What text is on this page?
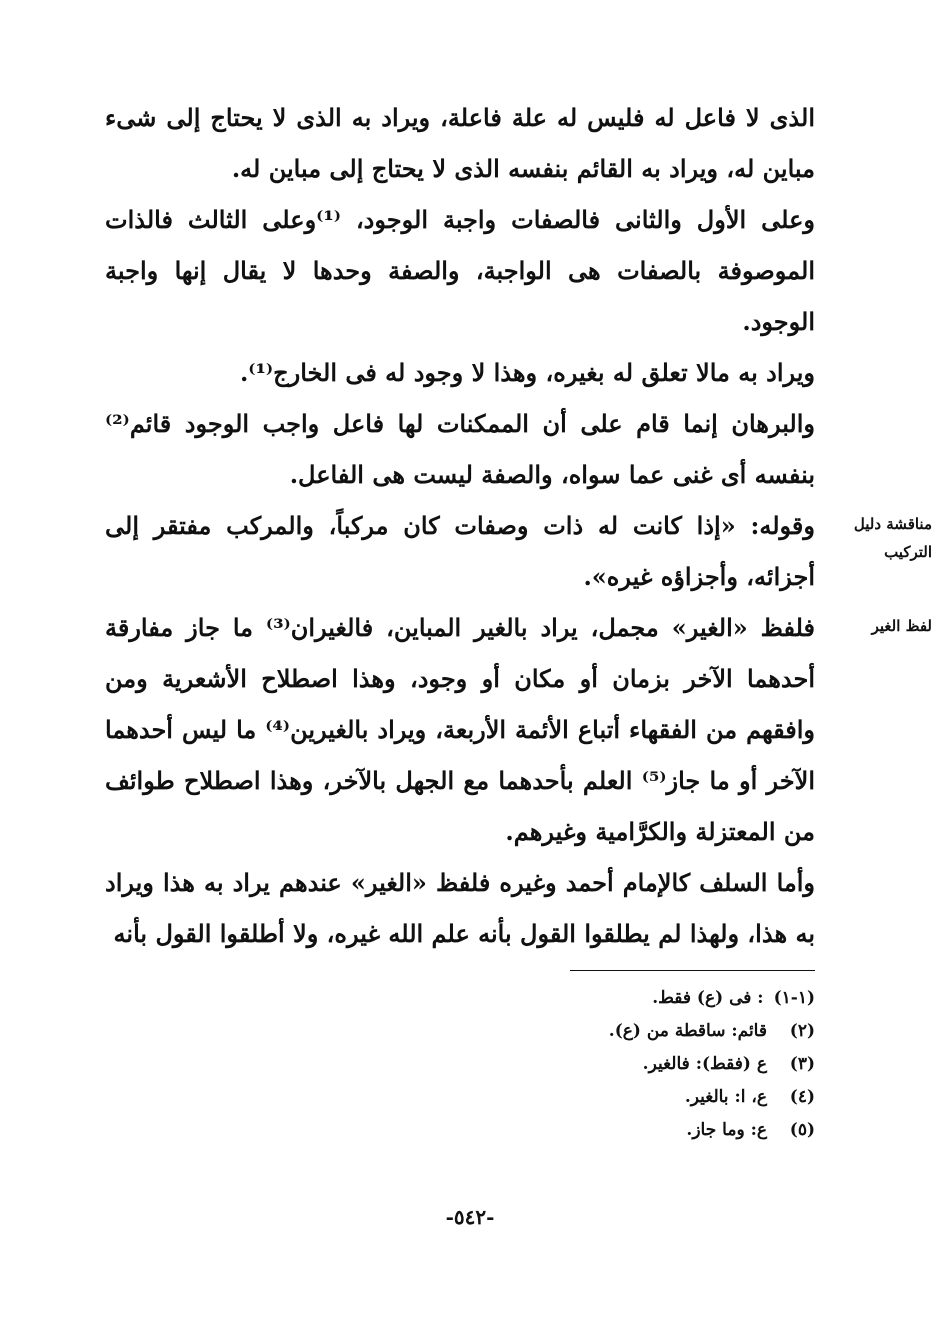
الذى لا فاعل له فليس له علة فاعلة، ويراد به الذى لا يحتاج إلى شىء مباين له، ويراد به القائم بنفسه الذى لا يحتاج إلى مباين له.

وعلى الأول والثانى فالصفات واجبة الوجود، ⁽¹⁾وعلى الثالث فالذات الموصوفة بالصفات هى الواجبة، والصفة وحدها لا يقال إنها واجبة الوجود.

ويراد به مالا تعلق له بغيره، وهذا لا وجود له فى الخارج⁽¹⁾.

والبرهان إنما قام على أن الممكنات لها فاعل واجب الوجود قائم⁽²⁾ بنفسه أى غنى عما سواه، والصفة ليست هى الفاعل.

وقوله: «إذا كانت له ذات وصفات كان مركباً، والمركب مفتقر إلى أجزائه، وأجزاؤه غيره».

فلفظ «الغير» مجمل، يراد بالغير المباين، فالغيران⁽³⁾ ما جاز مفارقة أحدهما الآخر بزمان أو مكان أو وجود، وهذا اصطلاح الأشعرية ومن وافقهم من الفقهاء أتباع الأئمة الأربعة، ويراد بالغيرين⁽⁴⁾ ما ليس أحدهما الآخر أو ما جاز⁽⁵⁾ العلم بأحدهما مع الجهل بالآخر، وهذا اصطلاح طوائف من المعتزلة والكرَّامية وغيرهم.

وأما السلف كالإمام أحمد وغيره فلفظ «الغير» عندهم يراد به هذا ويراد به هذا، ولهذا لم يطلقوا القول بأنه علم الله غيره، ولا أطلقوا القول بأنه

مناقشة دليل التركيب
لفظ الغير
(١-١)
: فى (ع) فقط.
(٢)
قائم: ساقطة من (ع).
(٣)
ع (فقط): فالغير.
(٤)
ع، ا: بالغير.
(٥)
ع: وما جاز.
-٥٤٢-
